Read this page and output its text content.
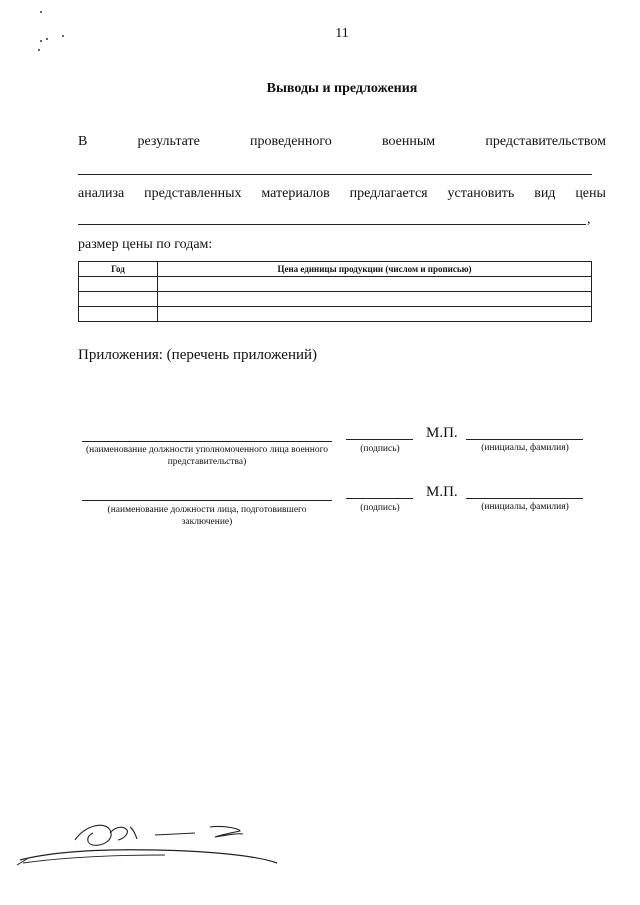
11
Выводы и предложения
В	результате	проведенного	военным	представительством
анализа представленных материалов предлагается установить вид цены
,
размер цены по годам:
Год	Цена единицы продукции (числом и прописью)

Приложения: (перечень приложений)
(наименование должности уполномоченного лица военного представительства)
(подпись)
М.П.
(инициалы, фамилия)
(наименование должности лица, подготовившего заключение)
(подпись)
М.П.
(инициалы, фамилия)
